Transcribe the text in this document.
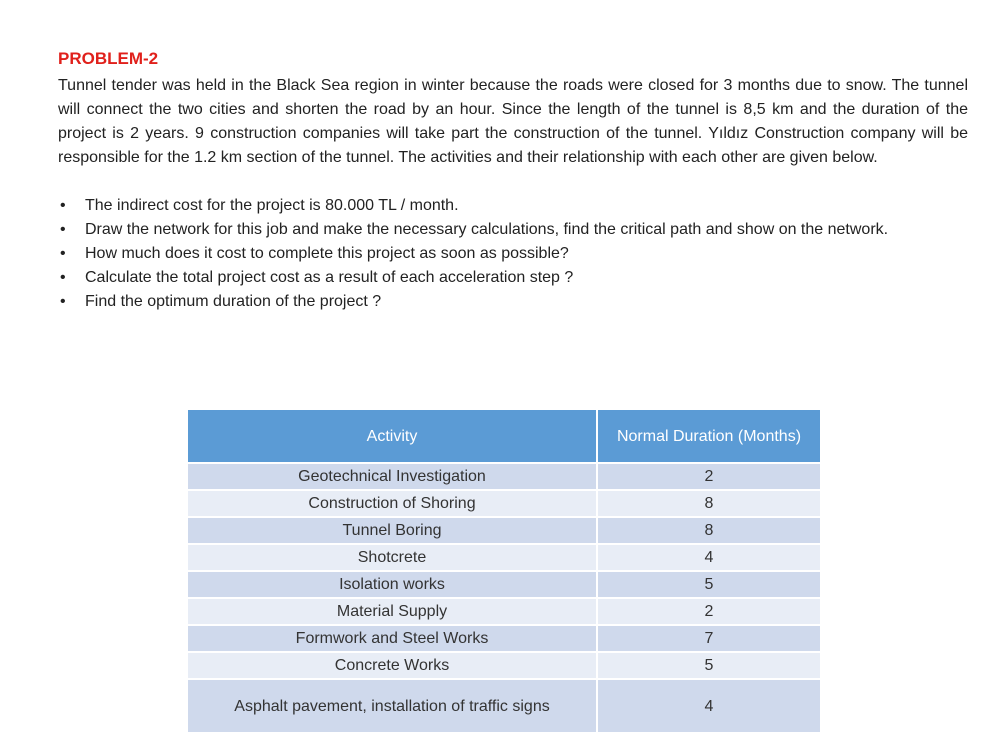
PROBLEM-2
Tunnel tender was held in the Black Sea region in winter because the roads were closed for 3 months due to snow. The tunnel will connect the two cities and shorten the road by an hour. Since the length of the tunnel is 8,5 km and the duration of the project is 2 years. 9 construction companies will take part the construction of the tunnel. Yıldız Construction company will be responsible for the 1.2 km section of the tunnel. The activities and their relationship with each other are given below.
• The indirect cost for the project is 80.000 TL / month.
• Draw the network for this job and make the necessary calculations, find the critical path and show on the network.
• How much does it cost to complete this project as soon as possible?
• Calculate the total project cost as a result of each acceleration step ?
• Find the optimum duration of the project ?
Activity	Normal Duration (Months)
Geotechnical Investigation	2
Construction of Shoring	8
Tunnel Boring	8
Shotcrete	4
Isolation works	5
Material Supply	2
Formwork and Steel Works	7
Concrete Works	5
Asphalt pavement, installation of traffic signs	4
